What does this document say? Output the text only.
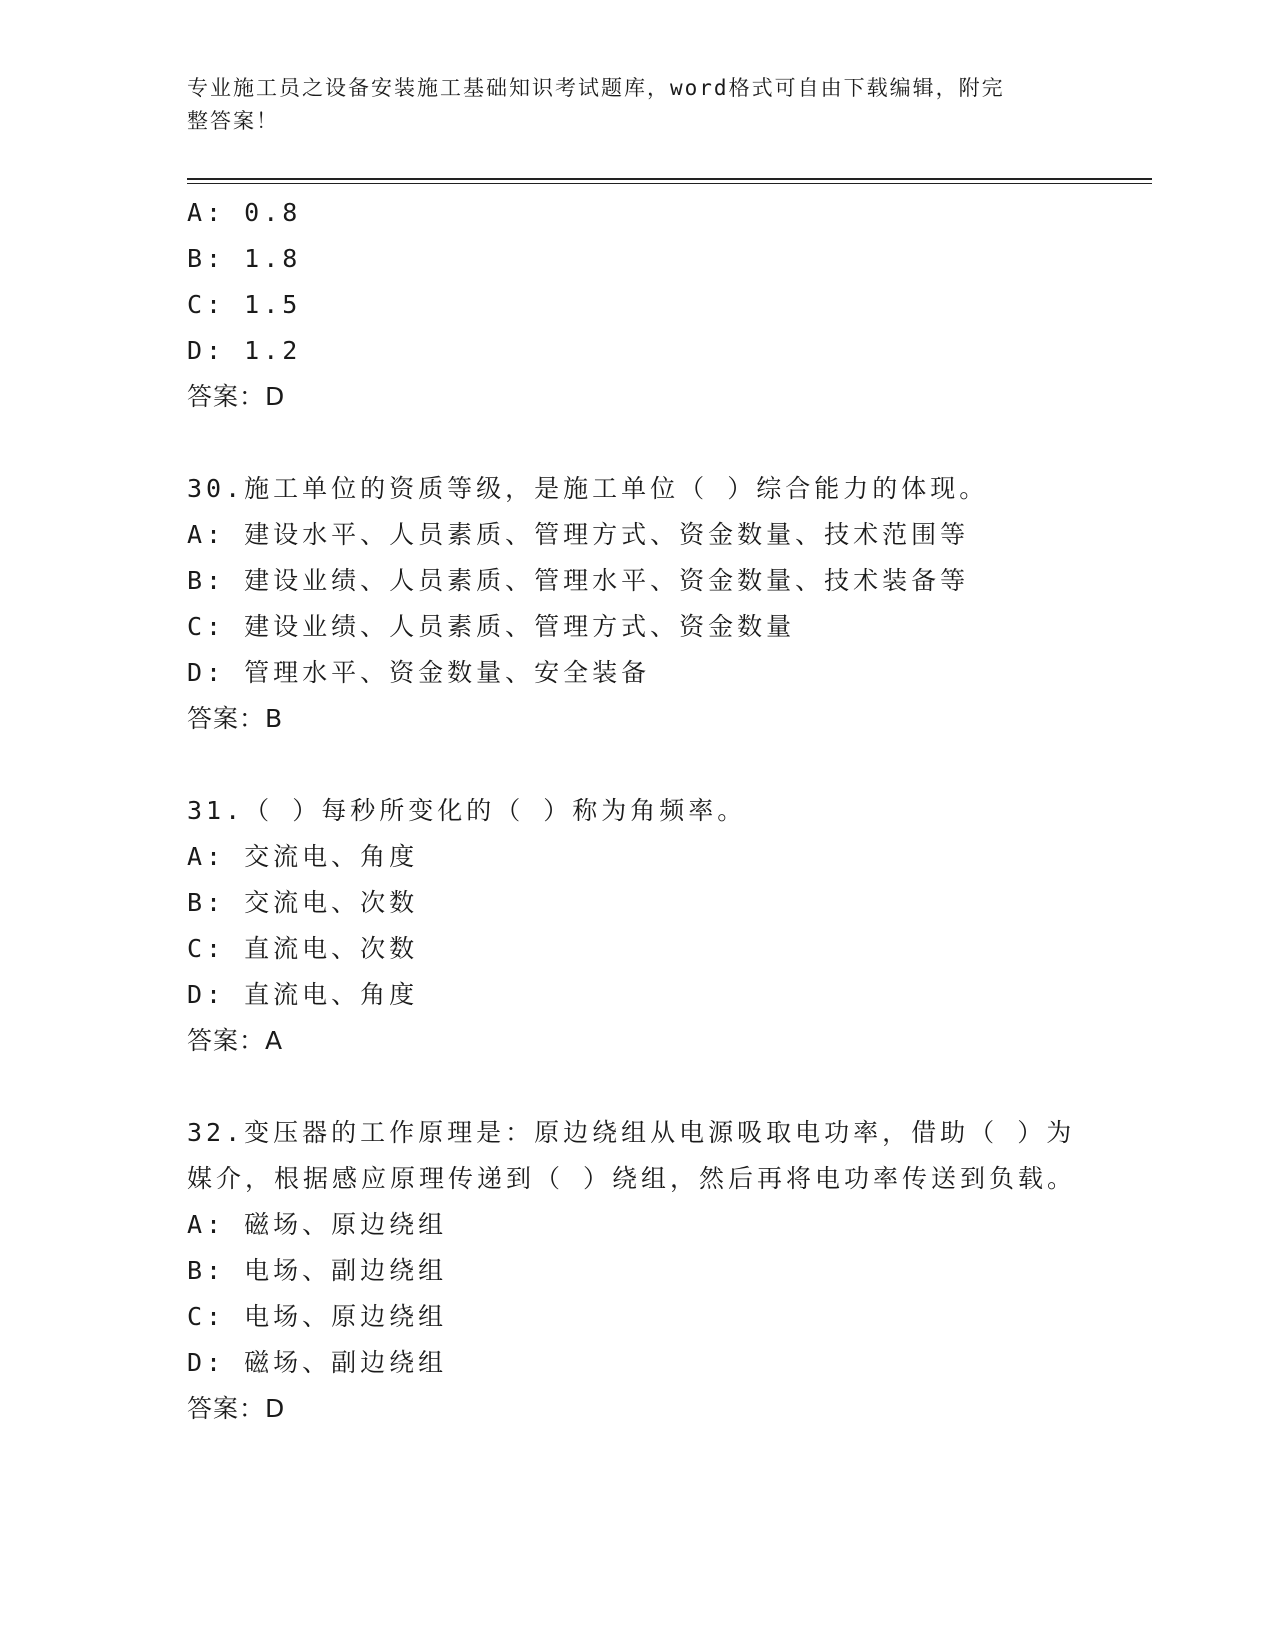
专业施工员之设备安装施工基础知识考试题库，word格式可自由下载编辑，附完
整答案！
A: 0.8
B: 1.8
C: 1.5
D: 1.2
答案：D
30.施工单位的资质等级，是施工单位（ ）综合能力的体现。
A: 建设水平、人员素质、管理方式、资金数量、技术范围等
B: 建设业绩、人员素质、管理水平、资金数量、技术装备等
C: 建设业绩、人员素质、管理方式、资金数量
D: 管理水平、资金数量、安全装备
答案：B
31.（ ）每秒所变化的（ ）称为角频率。
A: 交流电、角度
B: 交流电、次数
C: 直流电、次数
D: 直流电、角度
答案：A
32.变压器的工作原理是：原边绕组从电源吸取电功率，借助（ ）为
媒介，根据感应原理传递到（ ）绕组，然后再将电功率传送到负载。
A: 磁场、原边绕组
B: 电场、副边绕组
C: 电场、原边绕组
D: 磁场、副边绕组
答案：D
